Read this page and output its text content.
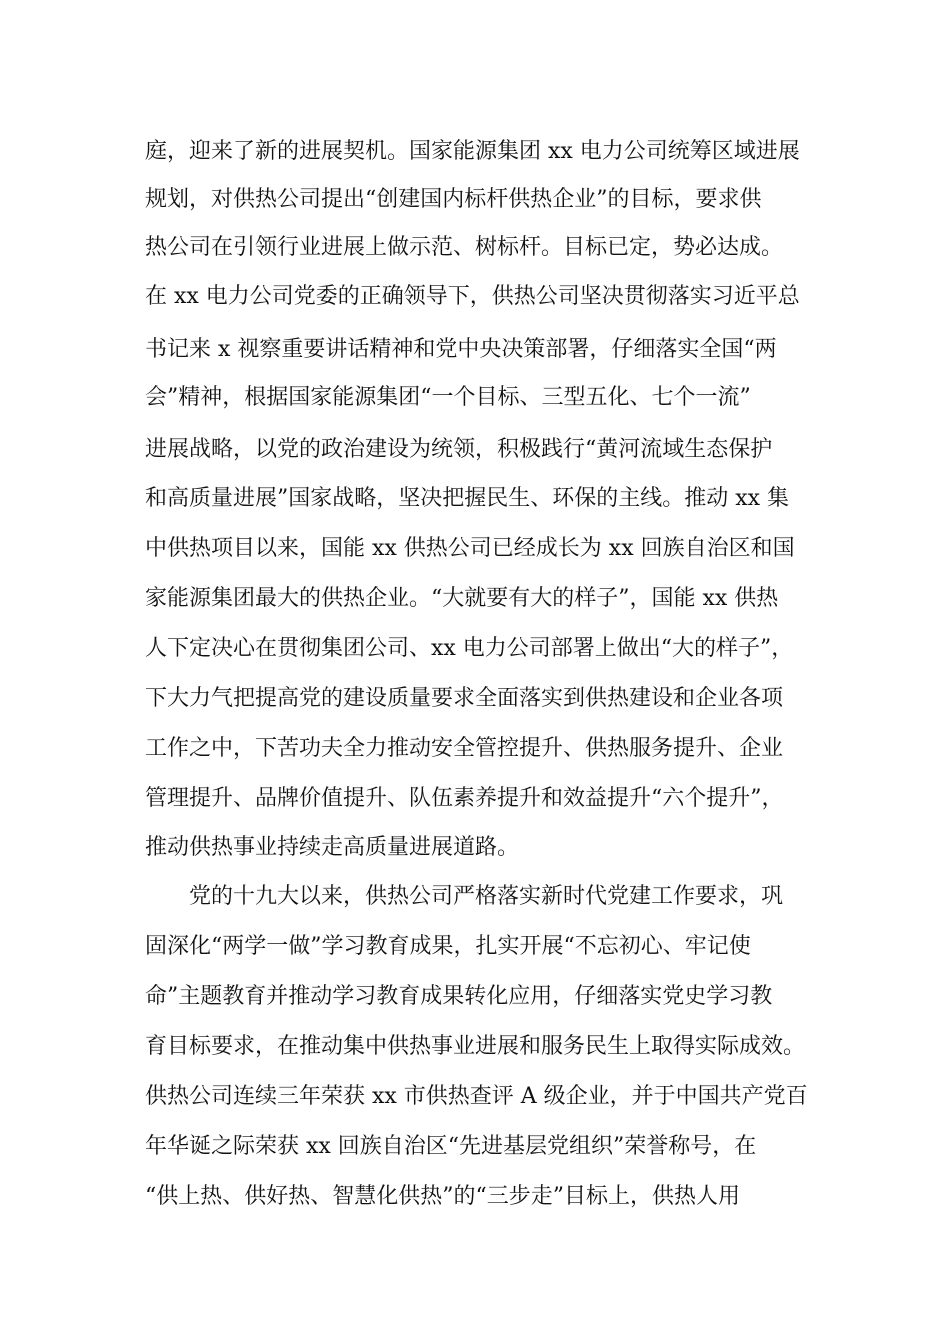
庭，迎来了新的进展契机。国家能源集团 xx 电力公司统筹区域进展
规划，对供热公司提出“创建国内标杆供热企业”的目标，要求供
热公司在引领行业进展上做示范、树标杆。目标已定，势必达成。
在 xx 电力公司党委的正确领导下，供热公司坚决贯彻落实习近平总
书记来 x 视察重要讲话精神和党中央决策部署，仔细落实全国“两
会”精神，根据国家能源集团“一个目标、三型五化、七个一流”
进展战略，以党的政治建设为统领，积极践行“黄河流域生态保护
和高质量进展”国家战略，坚决把握民生、环保的主线。推动 xx 集
中供热项目以来，国能 xx 供热公司已经成长为 xx 回族自治区和国
家能源集团最大的供热企业。“大就要有大的样子”，国能 xx 供热
人下定决心在贯彻集团公司、xx 电力公司部署上做出“大的样子”，
下大力气把提高党的建设质量要求全面落实到供热建设和企业各项
工作之中，下苦功夫全力推动安全管控提升、供热服务提升、企业
管理提升、品牌价值提升、队伍素养提升和效益提升“六个提升”，
推动供热事业持续走高质量进展道路。
党的十九大以来，供热公司严格落实新时代党建工作要求，巩
固深化“两学一做”学习教育成果，扎实开展“不忘初心、牢记使
命”主题教育并推动学习教育成果转化应用，仔细落实党史学习教
育目标要求，在推动集中供热事业进展和服务民生上取得实际成效。
供热公司连续三年荣获 xx 市供热查评 A 级企业，并于中国共产党百
年华诞之际荣获 xx 回族自治区“先进基层党组织”荣誉称号，在
“供上热、供好热、智慧化供热”的“三步走”目标上，供热人用
